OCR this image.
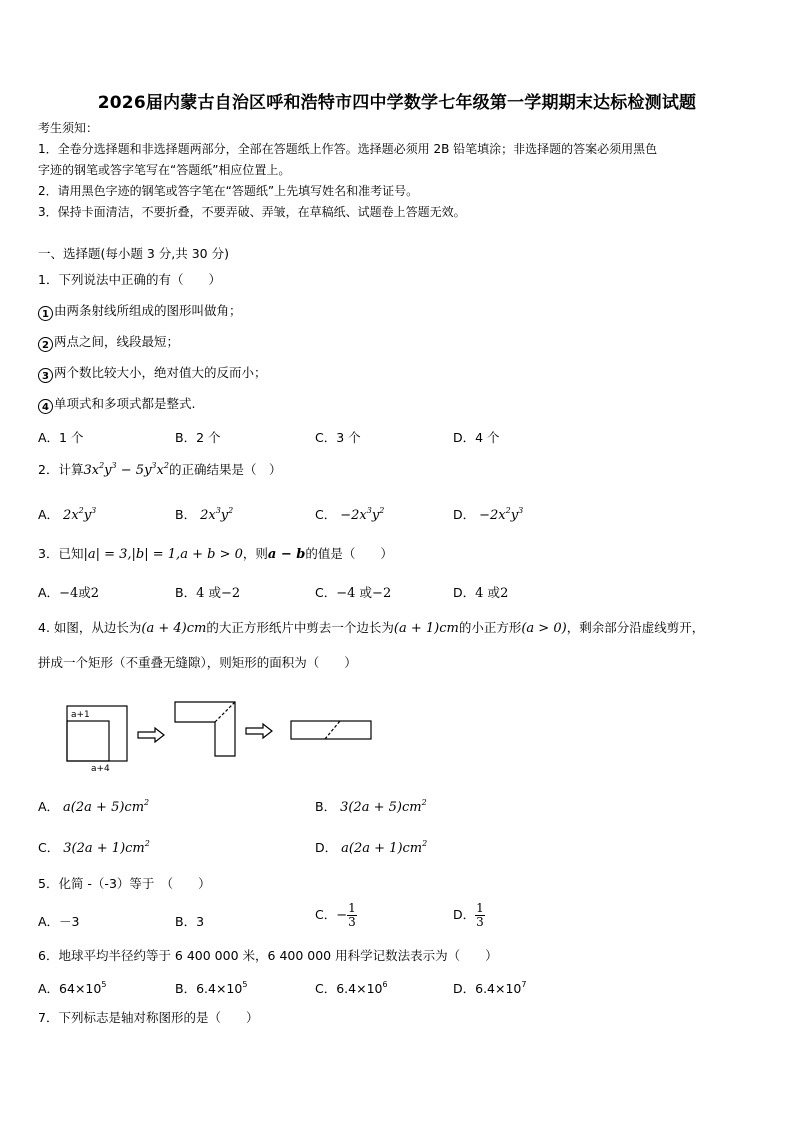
2026届内蒙古自治区呼和浩特市四中学数学七年级第一学期期末达标检测试题
考生须知：
1．全卷分选择题和非选择题两部分，全部在答题纸上作答。选择题必须用 2B 铅笔填涂；非选择题的答案必须用黑色
字迹的钢笔或答字笔写在“答题纸”相应位置上。
2．请用黑色字迹的钢笔或答字笔在“答题纸”上先填写姓名和准考证号。
3．保持卡面清洁，不要折叠，不要弄破、弄皱，在草稿纸、试题卷上答题无效。
一、选择题(每小题 3 分,共 30 分)
1．下列说法中正确的有（　　）
1 由两条射线所组成的图形叫做角；
2 两点之间，线段最短；
3 两个数比较大小，绝对值大的反而小；
4 单项式和多项式都是整式.
A．1 个	B．2 个	C．3 个	D．4 个
2．计算$3x^2y^3 - 5y^3x^2$的正确结果是（　）
A． $2x^2y^3$	B． $2x^3y^2$	C． $-2x^3y^2$	D． $-2x^2y^3$
3．已知|a| = 3,|b| = 1,a + b > 0，则a − b的值是（　　）
A．−4或2	B．4 或−2	C．−4 或−2	D．4 或2
4. 如图，从边长为(a + 4)cm的大正方形纸片中剪去一个边长为(a + 1)cm的小正方形(a > 0)，剩余部分沿虚线剪开，
拼成一个矩形（不重叠无缝隙），则矩形的面积为（　　）
a+1
a+4
A． $a(2a + 5)cm^2$	B． $3(2a + 5)cm^2$
C． $3(2a + 1)cm^2$	D． $a(2a + 1)cm^2$
5．化简 -（-3）等于　（　　）
A．－3	B．3	C．− $\frac{1}{3}$	D． $\frac{1}{3}$
6．地球平均半径约等于 6 400 000 米，6 400 000 用科学记数法表示为（　　）
A．$64\times 10^5$	B．$6.4\times 10^5$	C．$6.4\times 10^6$	D．$6.4\times 10^7$
7．下列标志是轴对称图形的是（　　）
